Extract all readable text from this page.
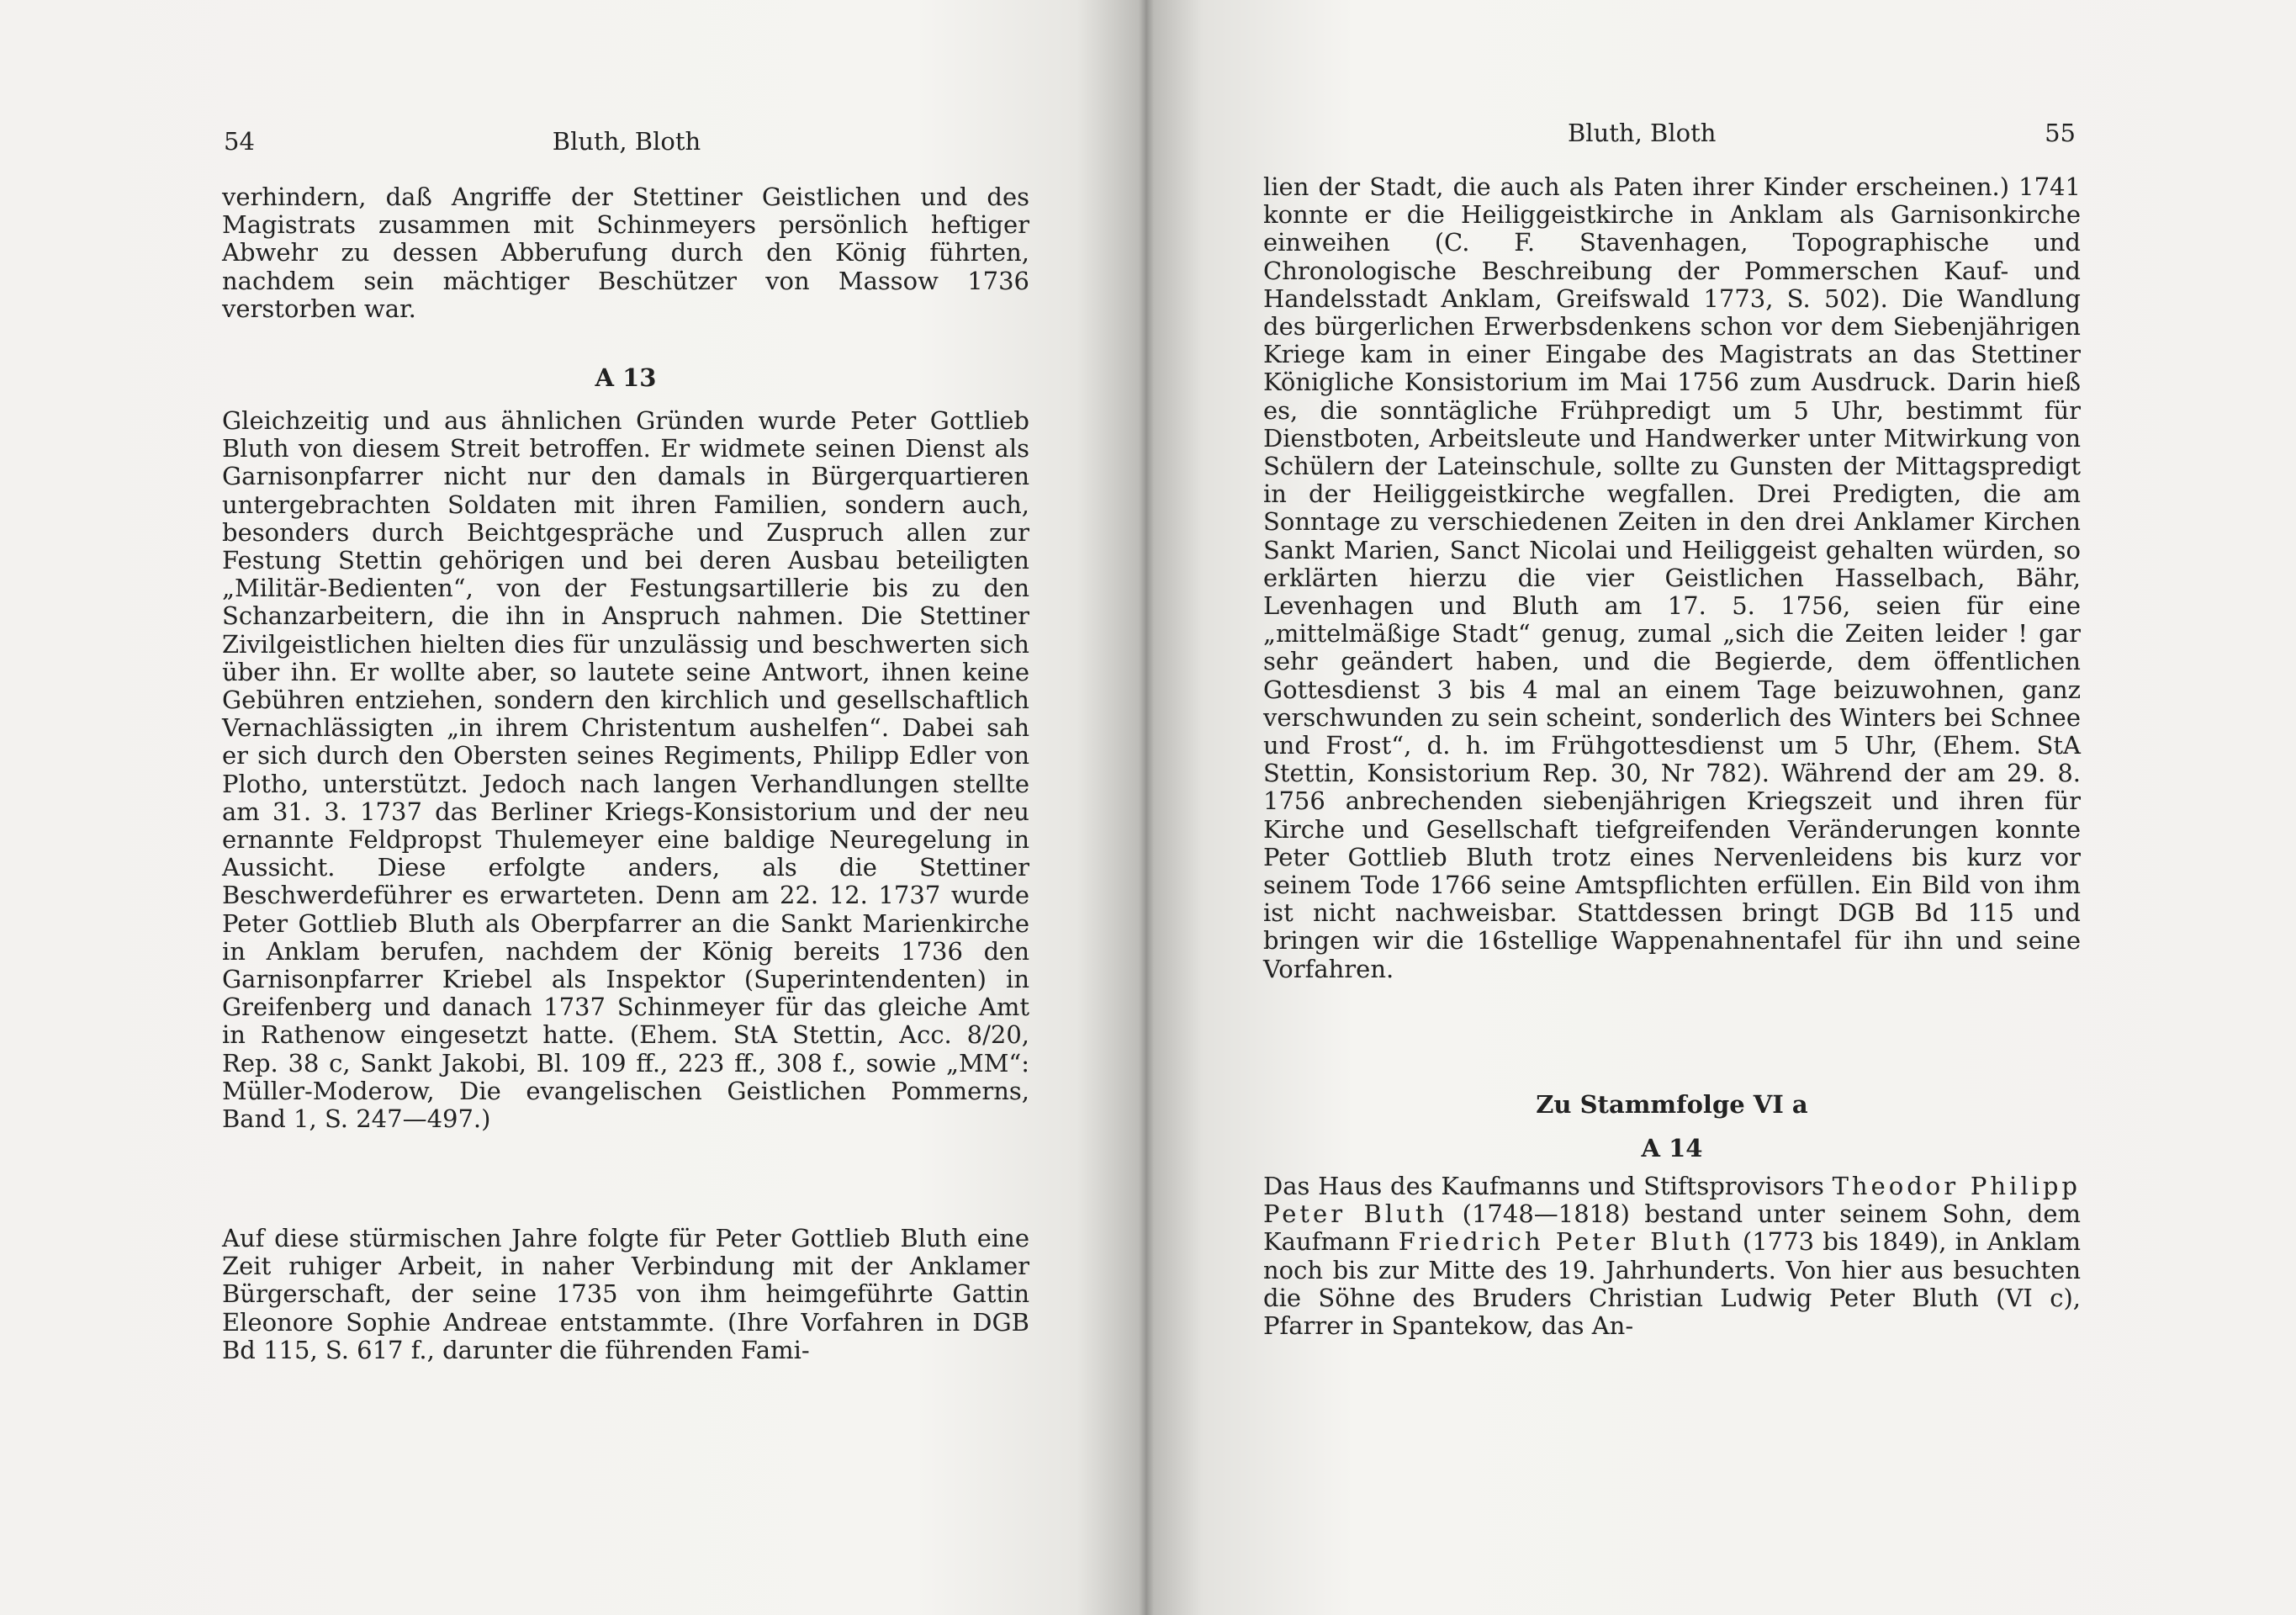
54	Bluth, Bloth

verhindern, daß Angriffe der Stettiner Geistlichen und des Magistrats zusammen mit Schinmeyers persönlich heftiger Abwehr zu dessen Abberufung durch den König führten, nachdem sein mächtiger Beschützer von Massow 1736 verstorben war.

A 13

Gleichzeitig und aus ähnlichen Gründen wurde Peter Gottlieb Bluth von diesem Streit betroffen. Er widmete seinen Dienst als Garnisonpfarrer nicht nur den damals in Bürgerquartieren untergebrachten Soldaten mit ihren Familien, sondern auch, besonders durch Beichtgespräche und Zuspruch allen zur Festung Stettin gehörigen und bei deren Ausbau beteiligten „Militär-Bedienten“, von der Festungsartillerie bis zu den Schanzarbeitern, die ihn in Anspruch nahmen. Die Stettiner Zivilgeistlichen hielten dies für unzulässig und beschwerten sich über ihn. Er wollte aber, so lautete seine Antwort, ihnen keine Gebühren entziehen, sondern den kirchlich und gesellschaftlich Vernachlässigten „in ihrem Christentum aushelfen“. Dabei sah er sich durch den Obersten seines Regiments, Philipp Edler von Plotho, unterstützt. Jedoch nach langen Verhandlungen stellte am 31. 3. 1737 das Berliner Kriegs-Konsistorium und der neu ernannte Feldpropst Thulemeyer eine baldige Neuregelung in Aussicht. Diese erfolgte anders, als die Stettiner Beschwerdeführer es erwarteten. Denn am 22. 12. 1737 wurde Peter Gottlieb Bluth als Oberpfarrer an die Sankt Marienkirche in Anklam berufen, nachdem der König bereits 1736 den Garnisonpfarrer Kriebel als Inspektor (Superintendenten) in Greifenberg und danach 1737 Schinmeyer für das gleiche Amt in Rathenow eingesetzt hatte. (Ehem. StA Stettin, Acc. 8/20, Rep. 38 c, Sankt Jakobi, Bl. 109 ff., 223 ff., 308 f., sowie „MM“: Müller-Moderow, Die evangelischen Geistlichen Pommerns, Band 1, S. 247—497.)

Auf diese stürmischen Jahre folgte für Peter Gottlieb Bluth eine Zeit ruhiger Arbeit, in naher Verbindung mit der Anklamer Bürgerschaft, der seine 1735 von ihm heimgeführte Gattin Eleonore Sophie Andreae entstammte. (Ihre Vorfahren in DGB Bd 115, S. 617 f., darunter die führenden Fami-

Bluth, Bloth	55

lien der Stadt, die auch als Paten ihrer Kinder erscheinen.) 1741 konnte er die Heiliggeistkirche in Anklam als Garnisonkirche einweihen (C. F. Stavenhagen, Topographische und Chronologische Beschreibung der Pommerschen Kauf- und Handelsstadt Anklam, Greifswald 1773, S. 502). Die Wandlung des bürgerlichen Erwerbsdenkens schon vor dem Siebenjährigen Kriege kam in einer Eingabe des Magistrats an das Stettiner Königliche Konsistorium im Mai 1756 zum Ausdruck. Darin hieß es, die sonntägliche Frühpredigt um 5 Uhr, bestimmt für Dienstboten, Arbeitsleute und Handwerker unter Mitwirkung von Schülern der Lateinschule, sollte zu Gunsten der Mittagspredigt in der Heiliggeistkirche wegfallen. Drei Predigten, die am Sonntage zu verschiedenen Zeiten in den drei Anklamer Kirchen Sankt Marien, Sanct Nicolai und Heiliggeist gehalten würden, so erklärten hierzu die vier Geistlichen Hasselbach, Bähr, Levenhagen und Bluth am 17. 5. 1756, seien für eine „mittelmäßige Stadt“ genug, zumal „sich die Zeiten leider ! gar sehr geändert haben, und die Begierde, dem öffentlichen Gottesdienst 3 bis 4 mal an einem Tage beizuwohnen, ganz verschwunden zu sein scheint, sonderlich des Winters bei Schnee und Frost“, d. h. im Frühgottesdienst um 5 Uhr, (Ehem. StA Stettin, Konsistorium Rep. 30, Nr 782). Während der am 29. 8. 1756 anbrechenden siebenjährigen Kriegszeit und ihren für Kirche und Gesellschaft tiefgreifenden Veränderungen konnte Peter Gottlieb Bluth trotz eines Nervenleidens bis kurz vor seinem Tode 1766 seine Amtspflichten erfüllen. Ein Bild von ihm ist nicht nachweisbar. Stattdessen bringt DGB Bd 115 und bringen wir die 16stellige Wappenahnentafel für ihn und seine Vorfahren.

Zu Stammfolge VI a
A 14

Das Haus des Kaufmanns und Stiftsprovisors Theodor Philipp Peter Bluth (1748—1818) bestand unter seinem Sohn, dem Kaufmann Friedrich Peter Bluth (1773 bis 1849), in Anklam noch bis zur Mitte des 19. Jahrhunderts. Von hier aus besuchten die Söhne des Bruders Christian Ludwig Peter Bluth (VI c), Pfarrer in Spantekow, das An-
